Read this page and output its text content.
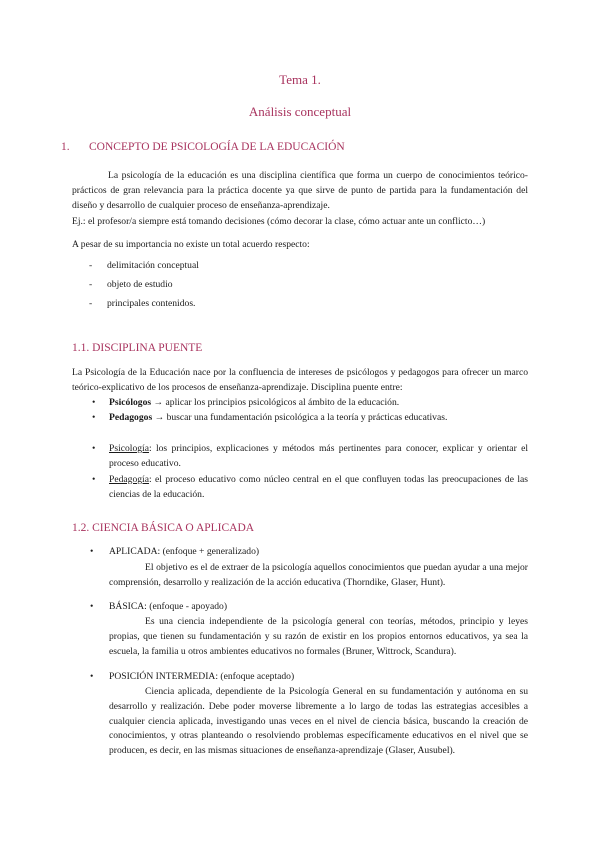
Tema 1.
Análisis conceptual
1. CONCEPTO DE PSICOLOGÍA DE LA EDUCACIÓN
La psicología de la educación es una disciplina científica que forma un cuerpo de conocimientos teórico-prácticos de gran relevancia para la práctica docente ya que sirve de punto de partida para la fundamentación del diseño y desarrollo de cualquier proceso de enseñanza-aprendizaje.
Ej.: el profesor/a siempre está tomando decisiones (cómo decorar la clase, cómo actuar ante un conflicto…)
A pesar de su importancia no existe un total acuerdo respecto:
- delimitación conceptual
- objeto de estudio
- principales contenidos.
1.1. DISCIPLINA PUENTE
La Psicología de la Educación nace por la confluencia de intereses de psicólogos y pedagogos para ofrecer un marco teórico-explicativo de los procesos de enseñanza-aprendizaje. Disciplina puente entre:
• Psicólogos → aplicar los principios psicológicos al ámbito de la educación.
• Pedagogos → buscar una fundamentación psicológica a la teoría y prácticas educativas.
• Psicología: los principios, explicaciones y métodos más pertinentes para conocer, explicar y orientar el proceso educativo.
• Pedagogía: el proceso educativo como núcleo central en el que confluyen todas las preocupaciones de las ciencias de la educación.
1.2. CIENCIA BÁSICA O APLICADA
• APLICADA: (enfoque + generalizado)
El objetivo es el de extraer de la psicología aquellos conocimientos que puedan ayudar a una mejor comprensión, desarrollo y realización de la acción educativa (Thorndike, Glaser, Hunt).
• BÁSICA: (enfoque - apoyado)
Es una ciencia independiente de la psicología general con teorías, métodos, principio y leyes propias, que tienen su fundamentación y su razón de existir en los propios entornos educativos, ya sea la escuela, la familia u otros ambientes educativos no formales (Bruner, Wittrock, Scandura).
• POSICIÓN INTERMEDIA: (enfoque aceptado)
Ciencia aplicada, dependiente de la Psicología General en su fundamentación y autónoma en su desarrollo y realización. Debe poder moverse libremente a lo largo de todas las estrategias accesibles a cualquier ciencia aplicada, investigando unas veces en el nivel de ciencia básica, buscando la creación de conocimientos, y otras planteando o resolviendo problemas específicamente educativos en el nivel que se producen, es decir, en las mismas situaciones de enseñanza-aprendizaje (Glaser, Ausubel).
